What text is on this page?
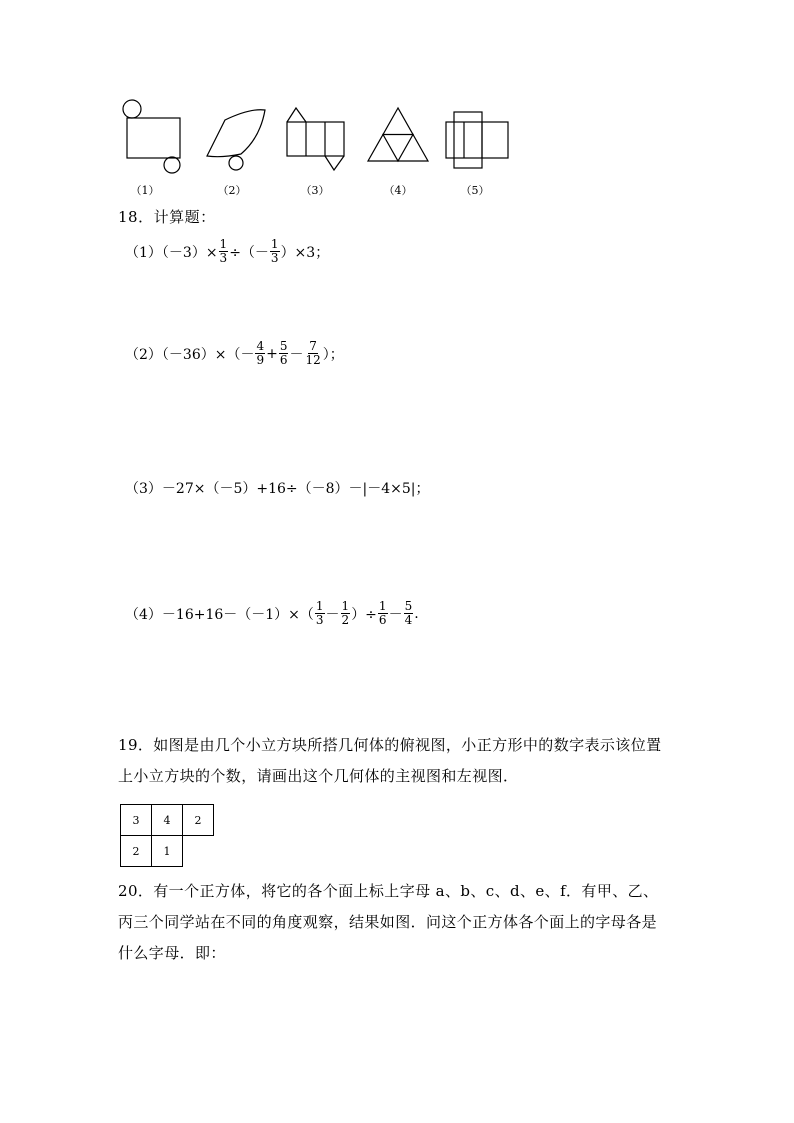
（1）	（2）	（3）	（4）	（5）
18．计算题：
$(1)(-3)\times \frac{1}{3}$ ÷（－ $\frac{1}{3} )\times 3$；
$(2)(-36)\times(- \frac{4}{9} + \frac{5}{6} - \frac{7}{12}$ ）；
（3）－27×（－5）+16÷（－8）－|－4×5|；
$(4)-16+16-(-1)\times( \frac{1}{3} - \frac{1}{2}$ ）÷ $\frac{1}{6} - \frac{5}{4}$ .
19．如图是由几个小立方块所搭几何体的俯视图，小正方形中的数字表示该位置
上小立方块的个数，请画出这个几何体的主视图和左视图．
3	4	2
2	1	
20．有一个正方体，将它的各个面上标上字母 a、b、c、d、e、f．有甲、乙、
丙三个同学站在不同的角度观察，结果如图．问这个正方体各个面上的字母各是
什么字母．即：
